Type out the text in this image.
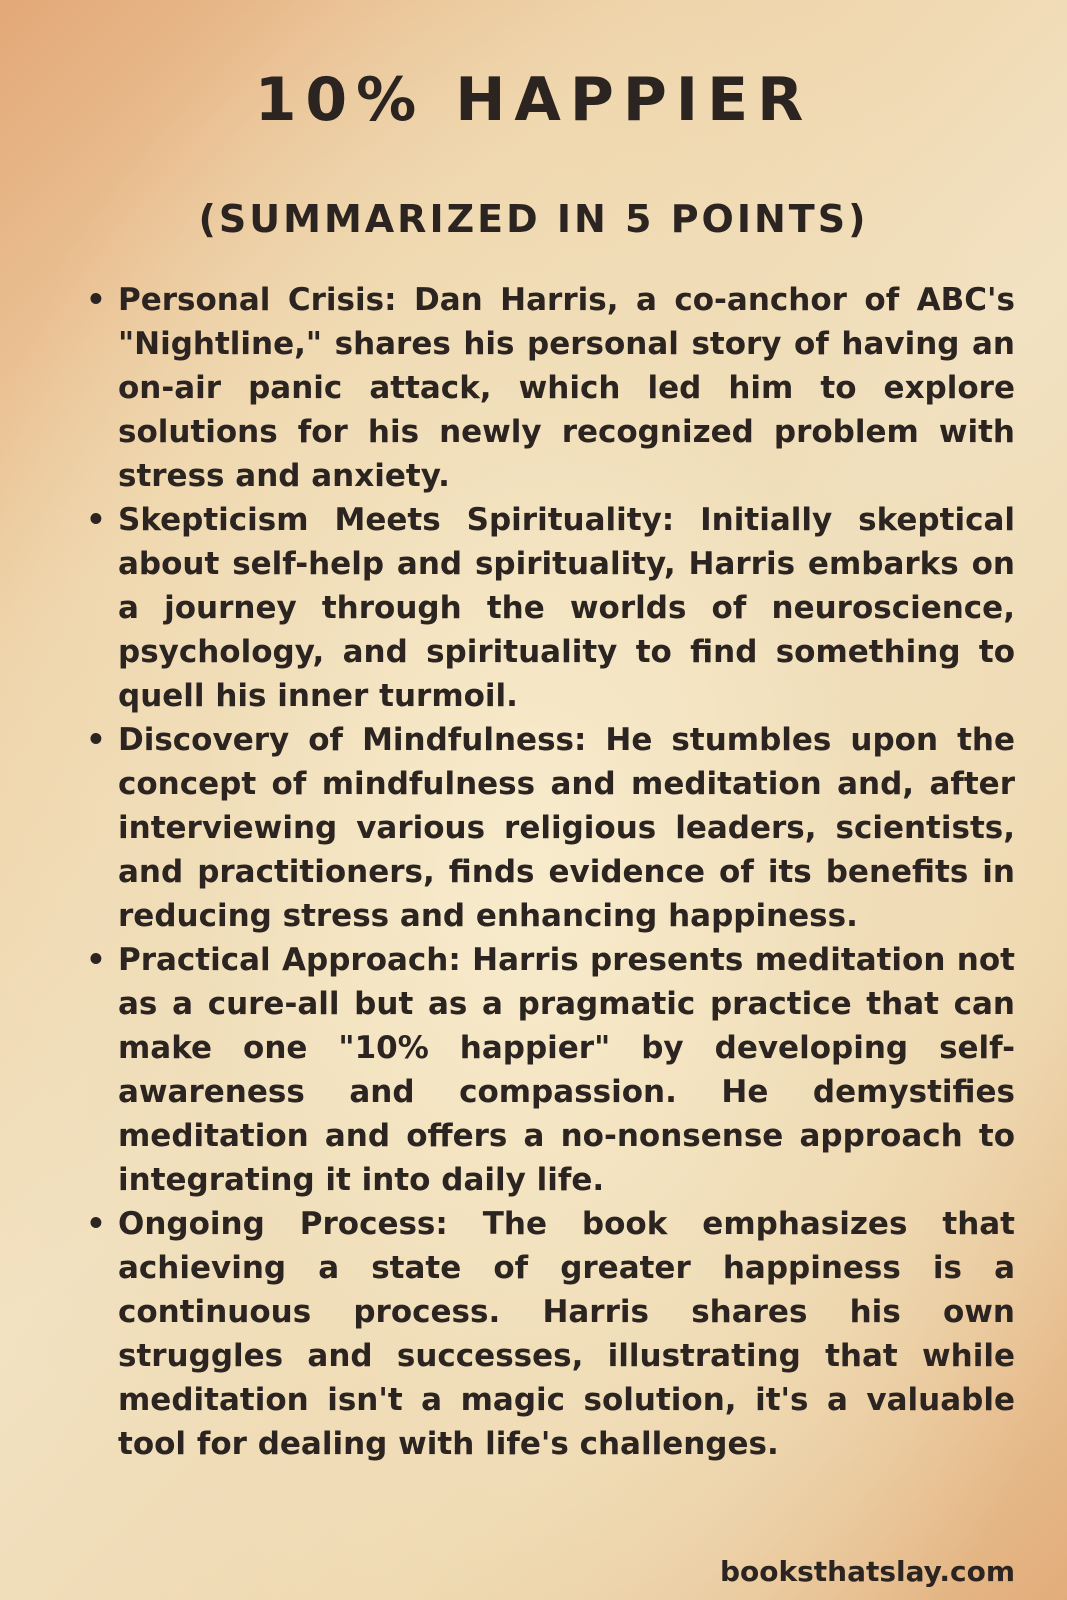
10% HAPPIER
(SUMMARIZED IN 5 POINTS)
• Personal Crisis: Dan Harris, a co-anchor of ABC's "Nightline," shares his personal story of having an on-air panic attack, which led him to explore solutions for his newly recognized problem with stress and anxiety.
• Skepticism Meets Spirituality: Initially skeptical about self-help and spirituality, Harris embarks on a journey through the worlds of neuroscience, psychology, and spirituality to find something to quell his inner turmoil.
• Discovery of Mindfulness: He stumbles upon the concept of mindfulness and meditation and, after interviewing various religious leaders, scientists, and practitioners, finds evidence of its benefits in reducing stress and enhancing happiness.
• Practical Approach: Harris presents meditation not as a cure-all but as a pragmatic practice that can make one "10% happier" by developing self-awareness and compassion. He demystifies meditation and offers a no-nonsense approach to integrating it into daily life.
• Ongoing Process: The book emphasizes that achieving a state of greater happiness is a continuous process. Harris shares his own struggles and successes, illustrating that while meditation isn't a magic solution, it's a valuable tool for dealing with life's challenges.
booksthatslay.com
